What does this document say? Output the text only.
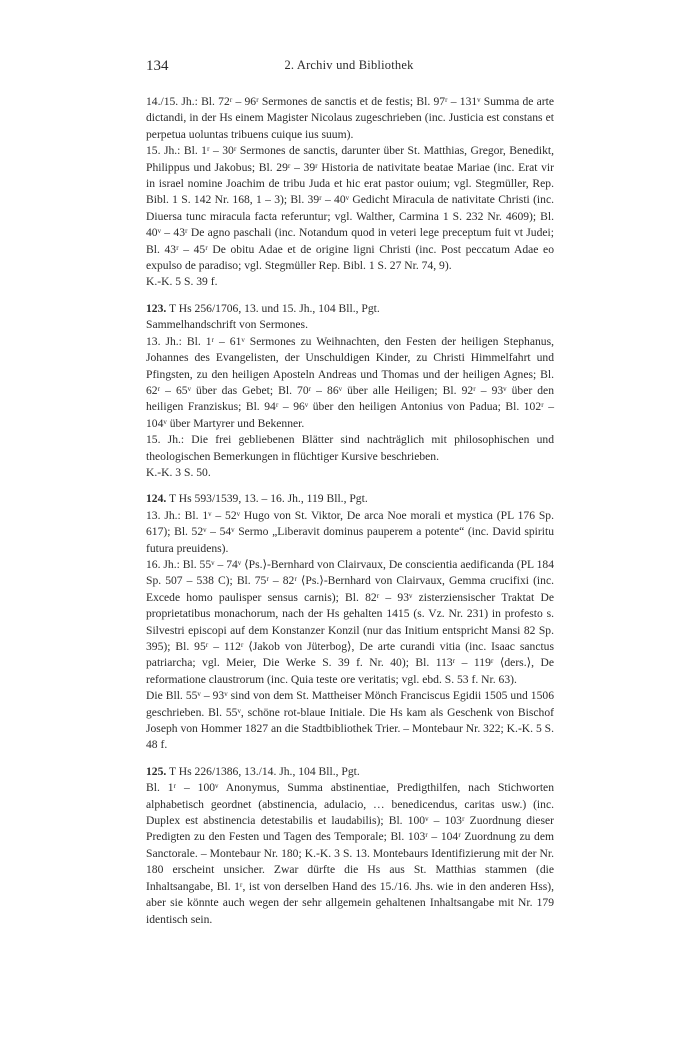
134	2. Archiv und Bibliothek

14./15. Jh.: Bl. 72ʳ – 96ʳ Sermones de sanctis et de festis; Bl. 97ʳ – 131ᵛ Summa de arte dictandi, in der Hs einem Magister Nicolaus zugeschrieben (inc. Justicia est constans et perpetua uoluntas tribuens cuique ius suum).

15. Jh.: Bl. 1ʳ – 30ʳ Sermones de sanctis, darunter über St. Matthias, Gregor, Benedikt, Philippus und Jakobus; Bl. 29ʳ – 39ʳ Historia de nativitate beatae Mariae (inc. Erat vir in israel nomine Joachim de tribu Juda et hic erat pastor ouium; vgl. Stegmüller, Rep. Bibl. 1 S. 142 Nr. 168, 1 – 3); Bl. 39ʳ – 40ᵛ Gedicht Miracula de nativitate Christi (inc. Diuersa tunc miracula facta referuntur; vgl. Walther, Carmina 1 S. 232 Nr. 4609); Bl. 40ᵛ – 43ʳ De agno paschali (inc. Notandum quod in veteri lege preceptum fuit vt Judei; Bl. 43ʳ – 45ʳ De obitu Adae et de origine ligni Christi (inc. Post peccatum Adae eo expulso de paradiso; vgl. Stegmüller Rep. Bibl. 1 S. 27 Nr. 74, 9).

K.-K. 5 S. 39 f.

123. T Hs 256/1706, 13. und 15. Jh., 104 Bll., Pgt.

Sammelhandschrift von Sermones.

13. Jh.: Bl. 1ʳ – 61ᵛ Sermones zu Weihnachten, den Festen der heiligen Stephanus, Johannes des Evangelisten, der Unschuldigen Kinder, zu Christi Himmelfahrt und Pfingsten, zu den heiligen Aposteln Andreas und Thomas und der heiligen Agnes; Bl. 62ʳ – 65ᵛ über das Gebet; Bl. 70ʳ – 86ᵛ über alle Heiligen; Bl. 92ʳ – 93ᵛ über den heiligen Franziskus; Bl. 94ʳ – 96ᵛ über den heiligen Antonius von Padua; Bl. 102ʳ – 104ᵛ über Martyrer und Bekenner.

15. Jh.: Die frei gebliebenen Blätter sind nachträglich mit philosophischen und theologischen Bemerkungen in flüchtiger Kursive beschrieben.

K.-K. 3 S. 50.

124. T Hs 593/1539, 13. – 16. Jh., 119 Bll., Pgt.

13. Jh.: Bl. 1ᵛ – 52ᵛ Hugo von St. Viktor, De arca Noe morali et mystica (PL 176 Sp. 617); Bl. 52ᵛ – 54ᵛ Sermo „Liberavit dominus pauperem a potente“ (inc. David spiritu futura preuidens).

16. Jh.: Bl. 55ᵛ – 74ᵛ ⟨Ps.⟩-Bernhard von Clairvaux, De conscientia aedificanda (PL 184 Sp. 507 – 538 C); Bl. 75ʳ – 82ʳ ⟨Ps.⟩-Bernhard von Clairvaux, Gemma crucifixi (inc. Excede homo paulisper sensus carnis); Bl. 82ʳ – 93ᵛ zisterziensischer Traktat De proprietatibus monachorum, nach der Hs gehalten 1415 (s. Vz. Nr. 231) in profesto s. Silvestri episcopi auf dem Konstanzer Konzil (nur das Initium entspricht Mansi 82 Sp. 395); Bl. 95ʳ – 112ʳ ⟨Jakob von Jüterbog⟩, De arte curandi vitia (inc. Isaac sanctus patriarcha; vgl. Meier, Die Werke S. 39 f. Nr. 40); Bl. 113ʳ – 119ʳ ⟨ders.⟩, De reformatione claustrorum (inc. Quia teste ore veritatis; vgl. ebd. S. 53 f. Nr. 63).

Die Bll. 55ᵛ – 93ᵛ sind von dem St. Mattheiser Mönch Franciscus Egidii 1505 und 1506 geschrieben. Bl. 55ᵛ, schöne rot-blaue Initiale. Die Hs kam als Geschenk von Bischof Joseph von Hommer 1827 an die Stadtbibliothek Trier. – Montebaur Nr. 322; K.-K. 5 S. 48 f.

125. T Hs 226/1386, 13./14. Jh., 104 Bll., Pgt.

Bl. 1ʳ – 100ᵛ Anonymus, Summa abstinentiae, Predigthilfen, nach Stichworten alphabetisch geordnet (abstinencia, adulacio, … benedicendus, caritas usw.) (inc. Duplex est abstinencia detestabilis et laudabilis); Bl. 100ᵛ – 103ʳ Zuordnung dieser Predigten zu den Festen und Tagen des Temporale; Bl. 103ʳ – 104ʳ Zuordnung zu dem Sanctorale. – Montebaur Nr. 180; K.-K. 3 S. 13. Montebaurs Identifizierung mit der Nr. 180 erscheint unsicher. Zwar dürfte die Hs aus St. Matthias stammen (die Inhaltsangabe, Bl. 1ʳ, ist von derselben Hand des 15./16. Jhs. wie in den anderen Hss), aber sie könnte auch wegen der sehr allgemein gehaltenen Inhaltsangabe mit Nr. 179 identisch sein.
